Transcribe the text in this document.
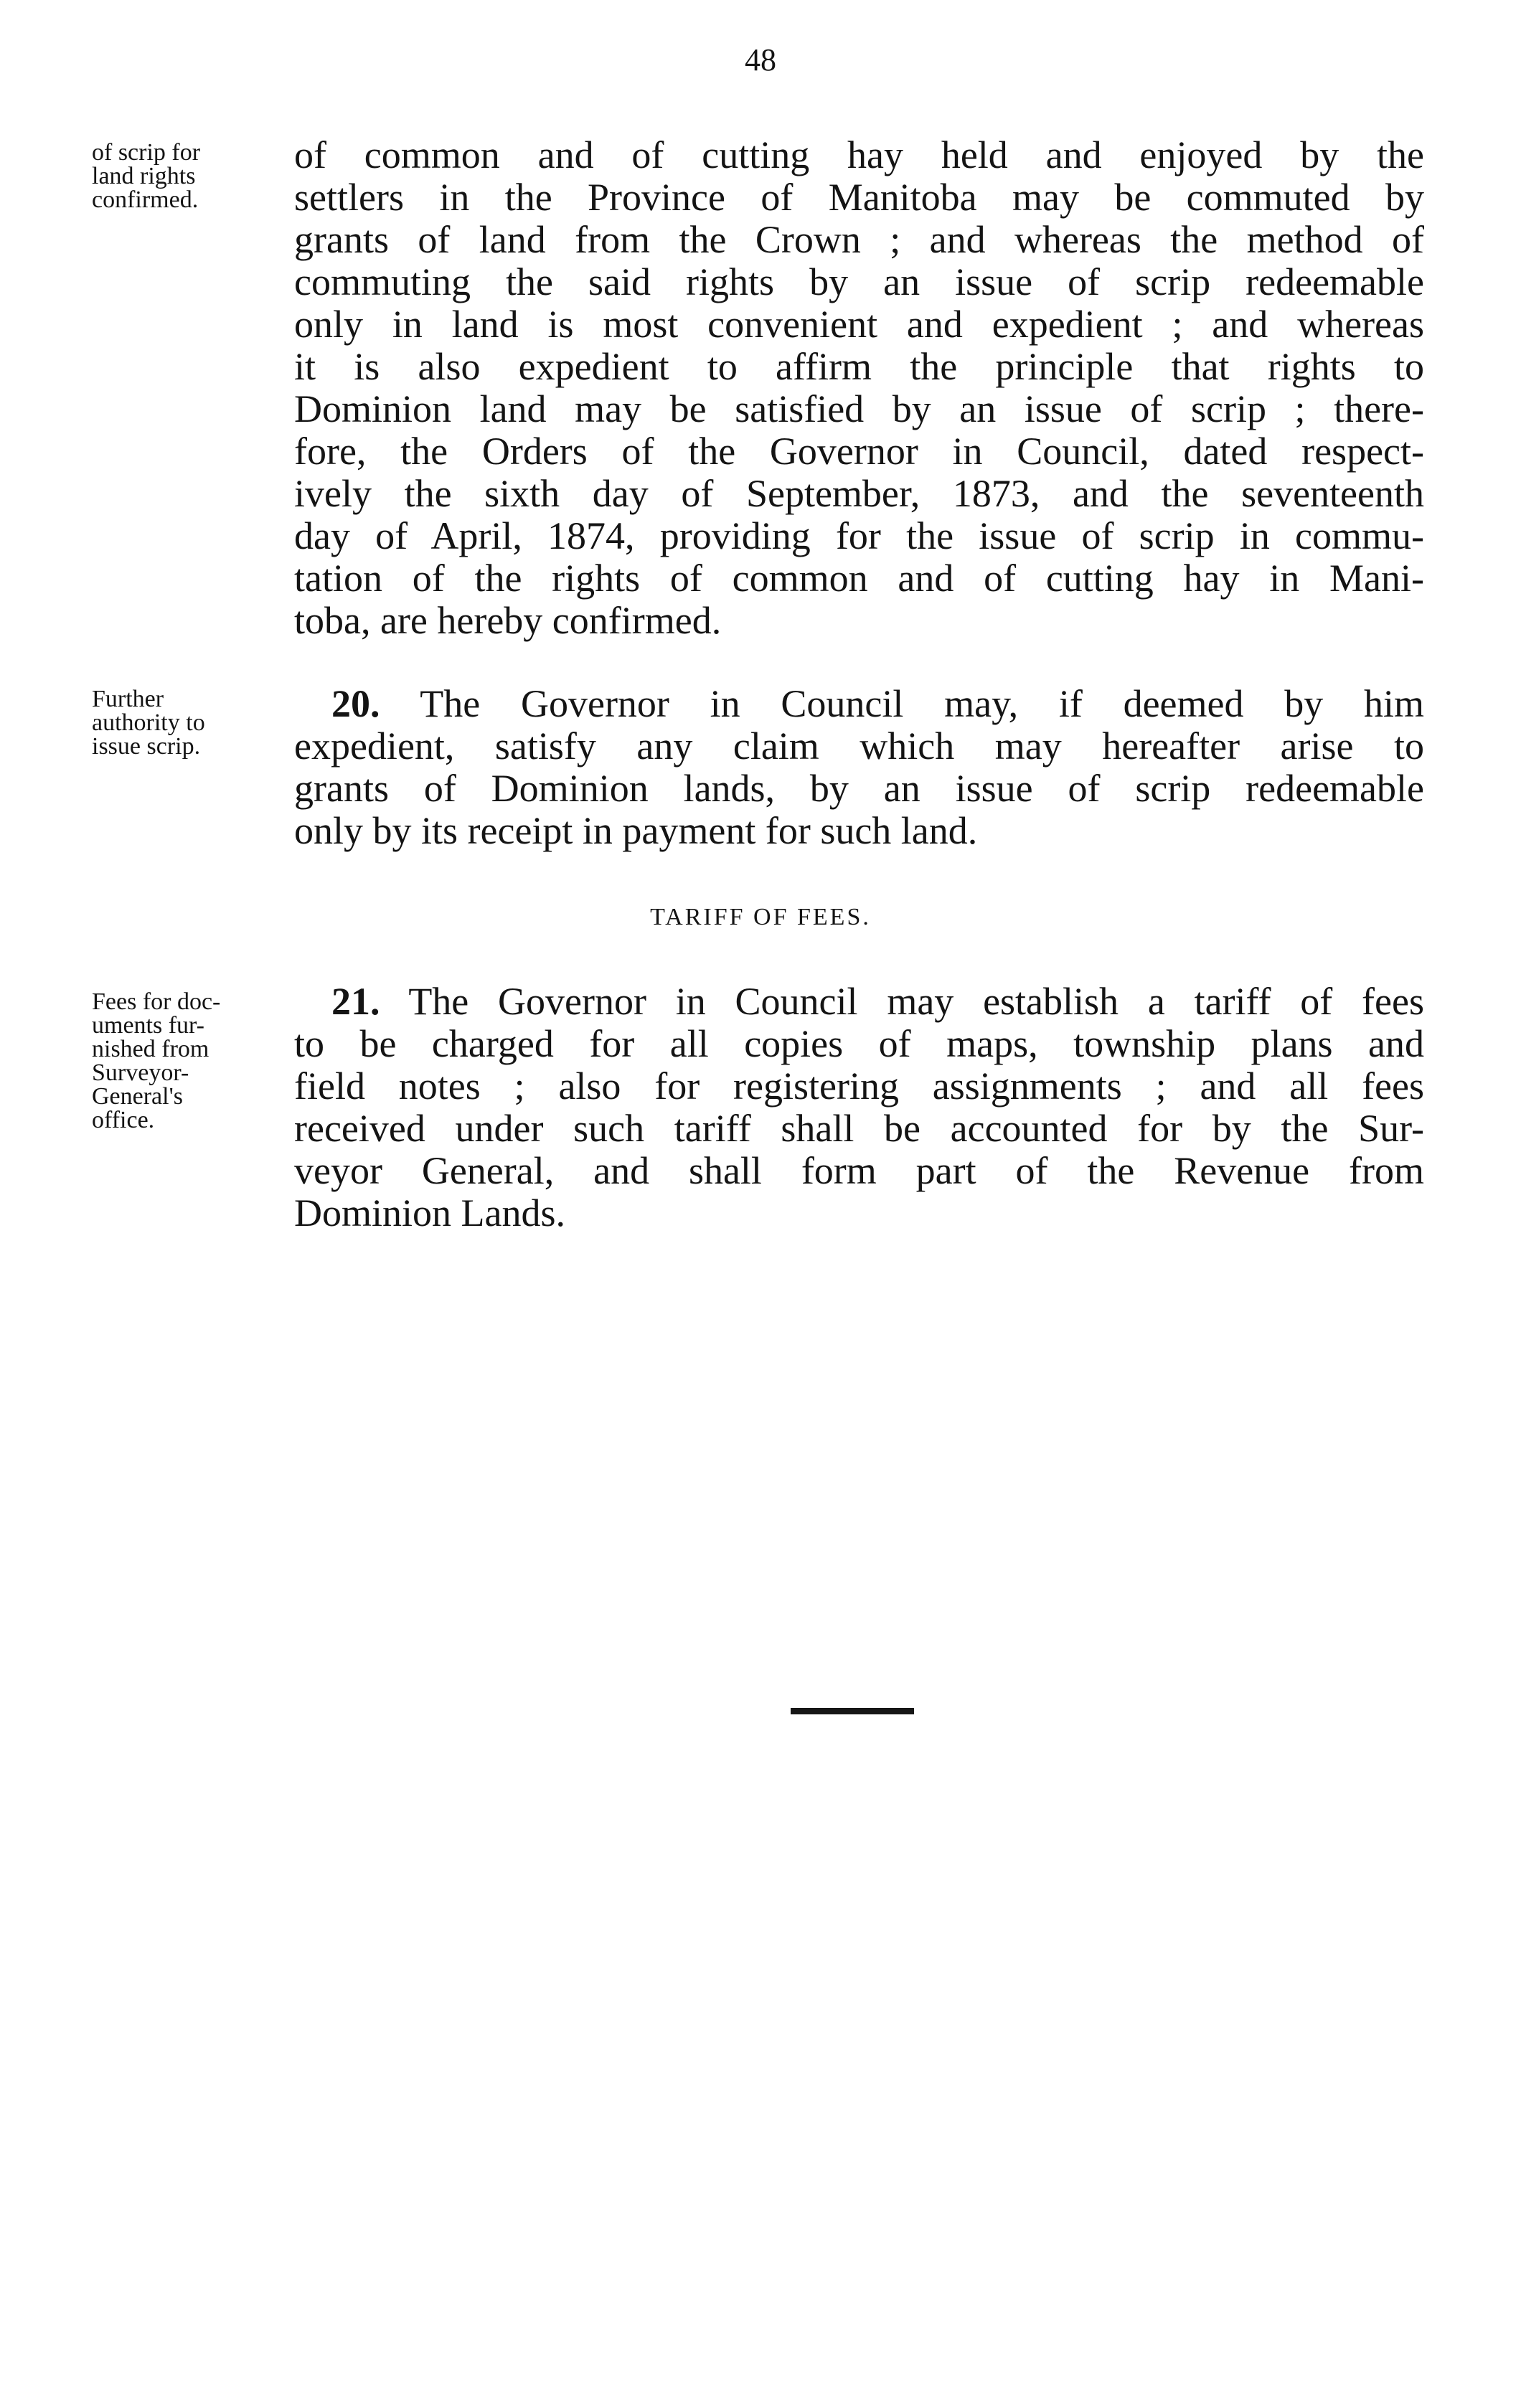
48
of scrip for
land rights
confirmed.
of common and of cutting hay held and enjoyed by the
settlers in the Province of Manitoba may be commuted by
grants of land from the Crown ; and whereas the method of
commuting the said rights by an issue of scrip redeemable
only in land is most convenient and expedient ; and whereas
it is also expedient to affirm the principle that rights to
Dominion land may be satisfied by an issue of scrip ; there-
fore, the Orders of the Governor in Council, dated respect-
ively the sixth day of September, 1873, and the seventeenth
day of April, 1874, providing for the issue of scrip in commu-
tation of the rights of common and of cutting hay in Mani-
toba, are hereby confirmed.
Further
authority to
issue scrip.
20. The Governor in Council may, if deemed by him
expedient, satisfy any claim which may hereafter arise to
grants of Dominion lands, by an issue of scrip redeemable
only by its receipt in payment for such land.
TARIFF OF FEES.
Fees for doc-
uments fur-
nished from
Surveyor-
General's
office.
21. The Governor in Council may establish a tariff of fees
to be charged for all copies of maps, township plans and
field notes ; also for registering assignments ; and all fees
received under such tariff shall be accounted for by the Sur-
veyor General, and shall form part of the Revenue from
Dominion Lands.
